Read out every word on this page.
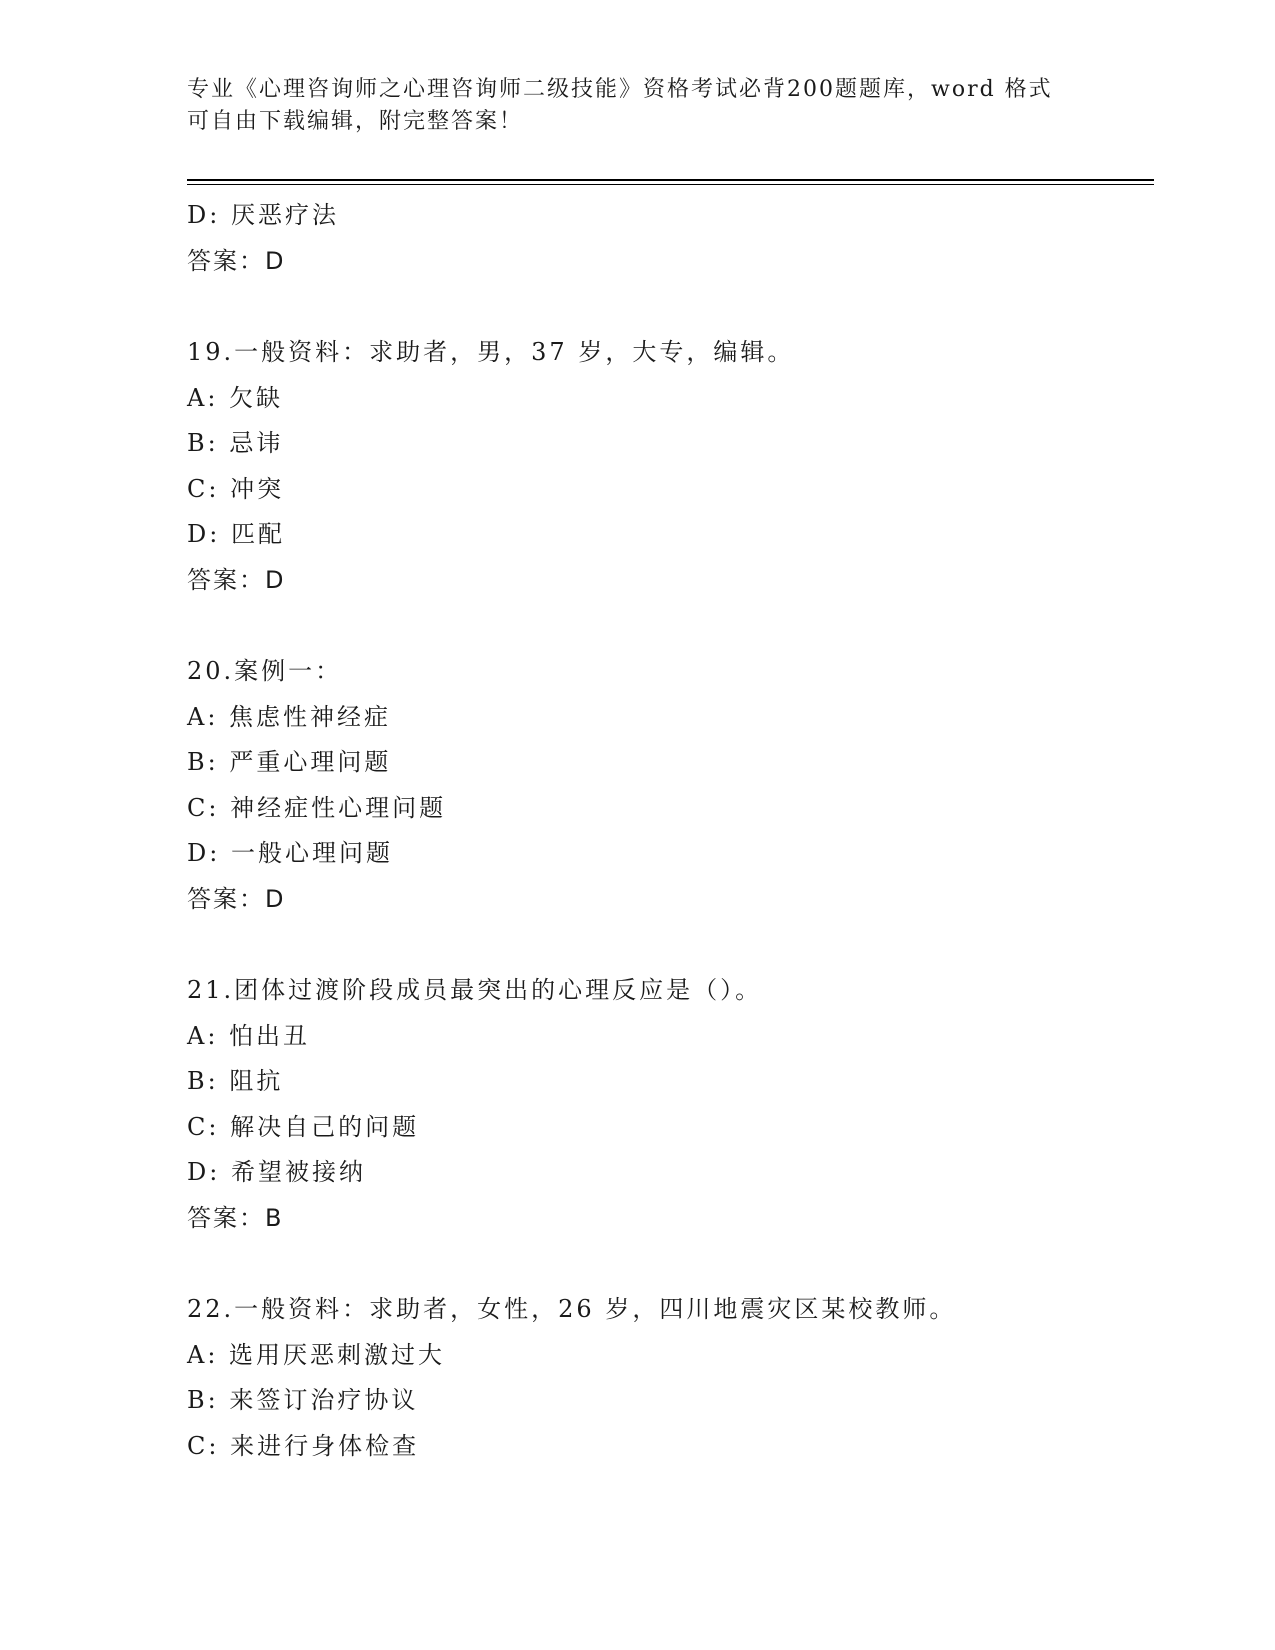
专业《心理咨询师之心理咨询师二级技能》资格考试必背200题题库，word 格式
可自由下载编辑，附完整答案！
D: 厌恶疗法
答案：D
19.一般资料：求助者，男，37 岁，大专，编辑。
A: 欠缺
B: 忌讳
C: 冲突
D: 匹配
答案：D
20.案例一：
A: 焦虑性神经症
B: 严重心理问题
C: 神经症性心理问题
D: 一般心理问题
答案：D
21.团体过渡阶段成员最突出的心理反应是（）。
A: 怕出丑
B: 阻抗
C: 解决自己的问题
D: 希望被接纳
答案：B
22.一般资料：求助者，女性，26 岁，四川地震灾区某校教师。
A: 选用厌恶刺激过大
B: 来签订治疗协议
C: 来进行身体检查
